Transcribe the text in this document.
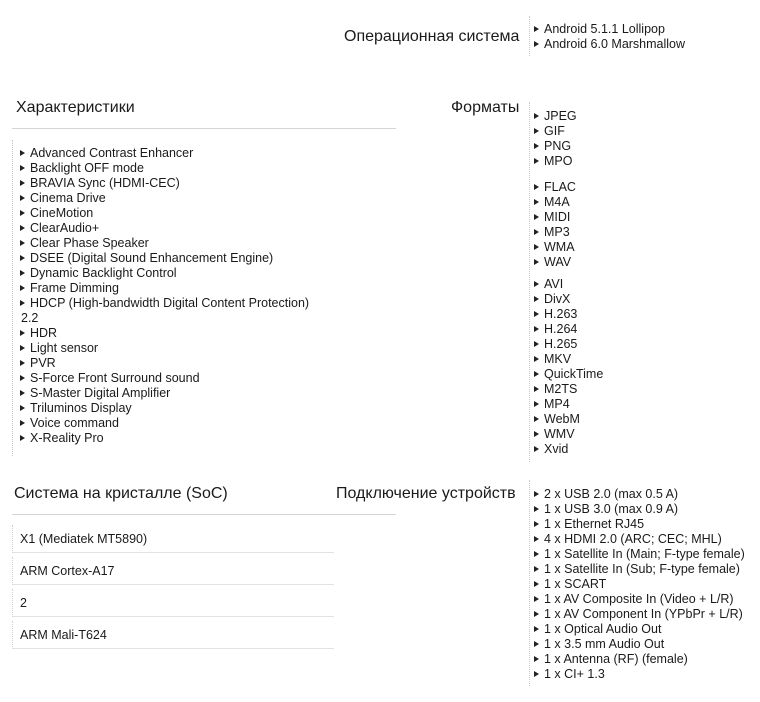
Операционная система	Android 5.1.1 Lollipop
Android 6.0 Marshmallow
Характеристики
Advanced Contrast Enhancer
Backlight OFF mode
BRAVIA Sync (HDMI-CEC)
Cinema Drive
CineMotion
ClearAudio+
Clear Phase Speaker
DSEE (Digital Sound Enhancement Engine)
Dynamic Backlight Control
Frame Dimming
HDCP (High-bandwidth Digital Content Protection)
2.2
HDR
Light sensor
PVR
S-Force Front Surround sound
S-Master Digital Amplifier
Triluminos Display
Voice command
X-Reality Pro
Форматы	JPEG
GIF
PNG
MPO
FLAC
M4A
MIDI
MP3
WMA
WAV
AVI
DivX
H.263
H.264
H.265
MKV
QuickTime
M2TS
MP4
WebM
WMV
Xvid
Система на кристалле (SoC)
X1 (Mediatek MT5890)
ARM Cortex-A17
2
ARM Mali-T624
Подключение устройств	2 x USB 2.0 (max 0.5 A)
1 x USB 3.0 (max 0.9 A)
1 x Ethernet RJ45
4 x HDMI 2.0 (ARC; CEC; MHL)
1 x Satellite In (Main; F-type female)
1 x Satellite In (Sub; F-type female)
1 x SCART
1 x AV Composite In (Video + L/R)
1 x AV Component In (YPbPr + L/R)
1 x Optical Audio Out
1 x 3.5 mm Audio Out
1 x Antenna (RF) (female)
1 x CI+ 1.3
